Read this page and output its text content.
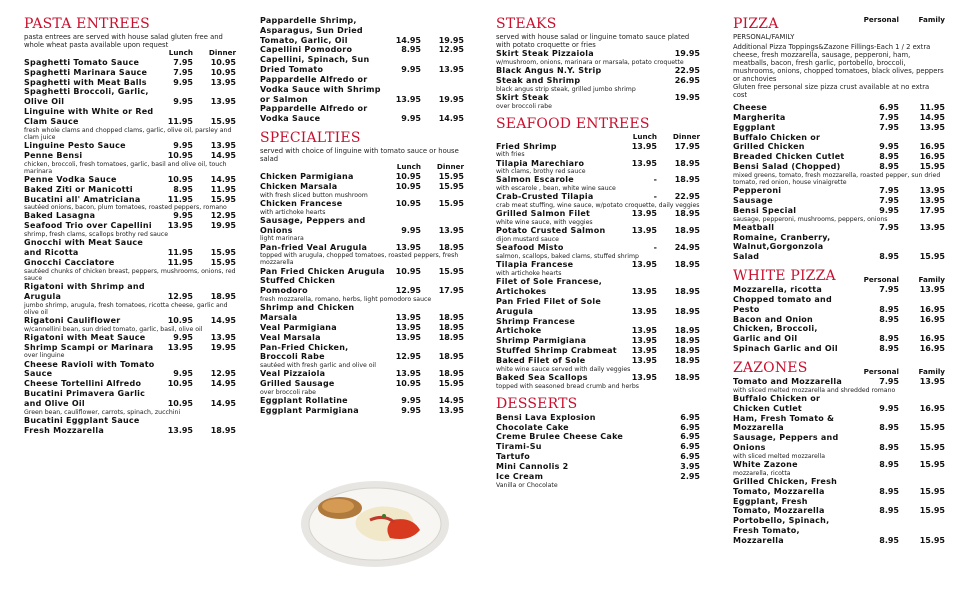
PASTA ENTREES
pasta entrees are served with house salad gluten free and whole wheat pasta available upon request
Lunch	Dinner
Spaghetti Tomato Sauce	7.95	10.95
Spaghetti Marinara Sauce	7.95	10.95
Spaghetti with Meat Balls	9.95	13.95
Spaghetti Broccoli, Garlic, Olive Oil	9.95	13.95
Linguine with White or Red Clam Sauce	11.95	15.95
fresh whole clams and chopped clams, garlic, olive oil, parsley and clam juice
Linguine Pesto Sauce	9.95	13.95
Penne Bensi	10.95	14.95
chicken, broccoli, fresh tomatoes, garlic, basil and olive oil, touch marinara
Penne Vodka Sauce	10.95	14.95
Baked Ziti or Manicotti	8.95	11.95
Bucatini all' Amatriciana	11.95	15.95
sautéed onions, bacon, plum tomatoes, roasted peppers, romano
Baked Lasagna	9.95	12.95
Seafood Trio over Capellini	13.95	19.95
shrimp, fresh clams, scallops brothy red sauce
Gnocchi with Meat Sauce and Ricotta	11.95	15.95
Gnocchi Cacciatore	11.95	15.95
sautéed chunks of chicken breast, peppers, mushrooms, onions, red sauce
Rigatoni with Shrimp and Arugula	12.95	18.95
jumbo shrimp, arugula, fresh tomatoes, ricotta cheese, garlic and olive oil
Rigatoni Cauliflower	10.95	14.95
w/cannellini bean, sun dried tomato, garlic, basil, olive oil
Rigatoni with Meat Sauce	9.95	13.95
Shrimp Scampi or Marinara	13.95	19.95
over linguine
Cheese Ravioli with Tomato Sauce	9.95	12.95
Cheese Tortellini Alfredo	10.95	14.95
Bucatini Primavera Garlic and Olive Oil	10.95	14.95
Green bean, cauliflower, carrots, spinach, zucchini
Bucatini Eggplant Sauce Fresh Mozzarella	13.95	18.95
Pappardelle Shrimp, Asparagus, Sun Dried Tomato, Garlic, Oil	14.95	19.95
Capellini Pomodoro	8.95	12.95
Capellini, Spinach, Sun Dried Tomato	9.95	13.95
Pappardelle Alfredo or Vodka Sauce with Shrimp or Salmon	13.95	19.95
Pappardelle Alfredo or Vodka Sauce	9.95	14.95
SPECIALTIES
served with choice of linguine with tomato sauce or house salad
Lunch	Dinner
Chicken Parmigiana	10.95	15.95
Chicken Marsala	10.95	15.95
with fresh sliced button mushroom
Chicken Francese	10.95	15.95
with artichoke hearts
Sausage, Peppers and Onions	9.95	13.95
light marinara
Pan-fried Veal Arugula	13.95	18.95
topped with arugula, chopped tomatoes, roasted peppers, fresh mozzarella
Pan Fried Chicken Arugula	10.95	15.95
Stuffed Chicken Pomodoro	12.95	17.95
fresh mozzarella, romano, herbs, light pomodoro sauce
Shrimp and Chicken Marsala	13.95	18.95
Veal Parmigiana	13.95	18.95
Veal Marsala	13.95	18.95
Pan-Fried Chicken, Broccoli Rabe	12.95	18.95
sautéed with fresh garlic and olive oil
Veal Pizzaiola	13.95	18.95
Grilled Sausage	10.95	15.95
over broccoli rabe
Eggplant Rollatine	9.95	14.95
Eggplant Parmigiana	9.95	13.95
STEAKS
served with house salad or linguine tomato sauce plated with potato croquette or fries
Skirt Steak Pizzaiola	19.95
w/mushroom, onions, marinara or marsala, potato croquette
Black Angus N.Y. Strip	22.95
Steak and Shrimp	26.95
black angus strip steak, grilled jumbo shrimp
Skirt Steak	19.95
over broccoli rabe
SEAFOOD ENTREES
Lunch	Dinner
Fried Shrimp	13.95	17.95
with fries
Tilapia Marechiaro	13.95	18.95
with clams, brothy red sauce
Salmon Escarole	-	18.95
with escarole , bean, white wine sauce
Crab-Crusted Tilapia	-	22.95
crab meat stuffing, wine sauce, w/potato croquette, daily veggies
Grilled Salmon Filet	13.95	18.95
white wine sauce, with veggies
Potato Crusted Salmon	13.95	18.95
dijon mustard sauce
Seafood Misto	-	24.95
salmon, scallops, baked clams, stuffed shrimp
Tilapia Francese	13.95	18.95
with artichoke hearts
Filet of Sole Francese, Artichokes	13.95	18.95
Pan Fried Filet of Sole Arugula	13.95	18.95
Shrimp Francese Artichoke	13.95	18.95
Shrimp Parmigiana	13.95	18.95
Stuffed Shrimp Crabmeat	13.95	18.95
Baked Filet of Sole	13.95	18.95
white wine sauce served with daily veggies
Baked Sea Scallops	13.95	18.95
topped with seasoned bread crumb and herbs
DESSERTS
Bensi Lava Explosion	6.95
Chocolate Cake	6.95
Creme Brulee Cheese Cake	6.95
Tirami-Su	6.95
Tartufo	6.95
Mini Cannolis 2	3.95
Ice Cream	2.95
Vanilla or Chocolate
PIZZA	Personal	Family
PERSONAL/FAMILY
Additional Pizza Toppings&Zazone Fillings-Each 1 / 2 extra cheese, fresh mozzarella, sausage, pepperoni, ham, meatballs, bacon, fresh garlic, portobello, broccoli, mushrooms, onions, chopped tomatoes, black olives, peppers or anchovies
Gluten free personal size pizza crust available at no extra cost
Cheese	6.95	11.95
Margherita	7.95	14.95
Eggplant	7.95	13.95
Buffalo Chicken or Grilled Chicken	9.95	16.95
Breaded Chicken Cutlet	8.95	16.95
Bensi Salad (Chopped)	8.95	15.95
mixed greens, tomato, fresh mozzarella, roasted pepper, sun dried tomato, red onion, house vinaigrette
Pepperoni	7.95	13.95
Sausage	7.95	13.95
Bensi Special	9.95	17.95
sausage, pepperoni, mushrooms, peppers, onions
Meatball	7.95	13.95
Romaine, Cranberry, Walnut,Gorgonzola Salad	8.95	15.95
WHITE PIZZA	Personal	Family
Mozzarella, ricotta	7.95	13.95
Chopped tomato and Pesto	8.95	16.95
Bacon and Onion	8.95	16.95
Chicken, Broccoli, Garlic and Oil	8.95	16.95
Spinach Garlic and Oil	8.95	16.95
ZAZONES	Personal	Family
Tomato and Mozzarella	7.95	13.95
with sliced melted mozzarella and shredded romano
Buffalo Chicken or Chicken Cutlet	9.95	16.95
Ham, Fresh Tomato & Mozzarella	8.95	15.95
Sausage, Peppers and Onions	8.95	15.95
with sliced melted mozzarella
White Zazone	8.95	15.95
mozzarella, ricotta
Grilled Chicken, Fresh Tomato, Mozzarella	8.95	15.95
Eggplant, Fresh Tomato, Mozzarella	8.95	15.95
Portobello, Spinach, Fresh Tomato, Mozzarella	8.95	15.95
